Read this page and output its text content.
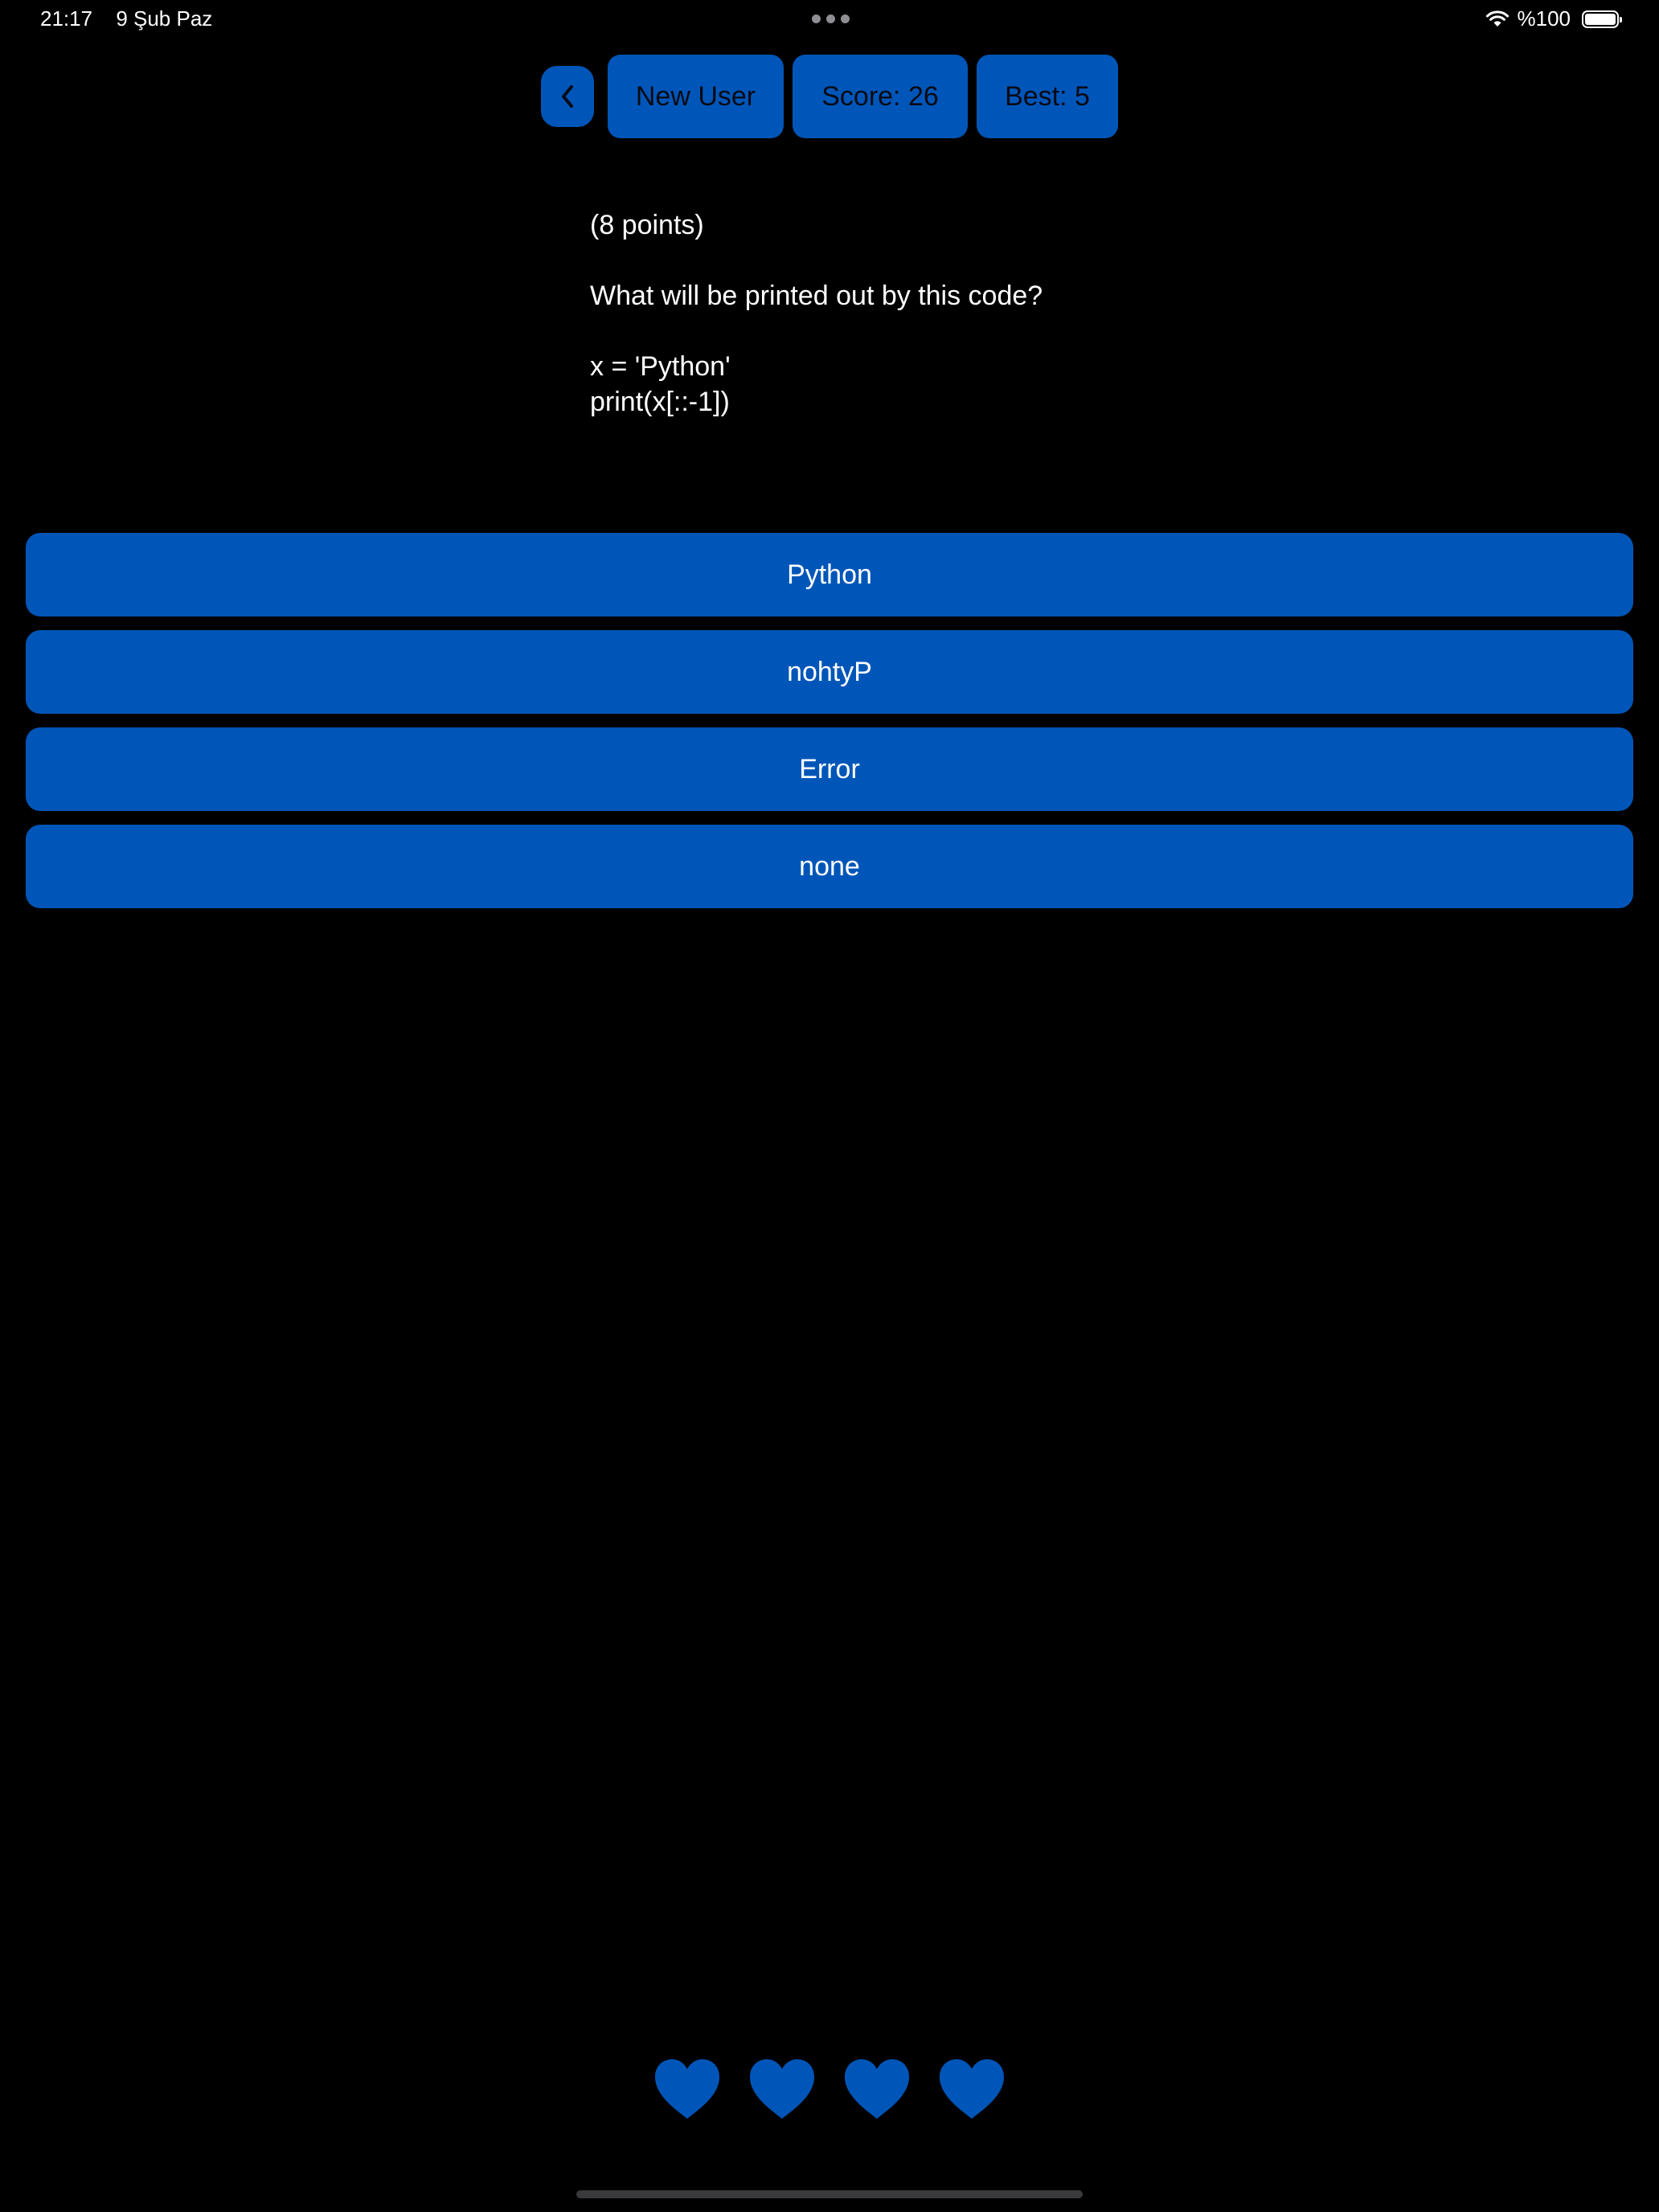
21:17 9 Şub Paz	%100
New User	Score: 26	Best: 5

(8 points)

What will be printed out by this code?

x = 'Python'

print(x[::-1])

Python
nohtyP
Error
none
